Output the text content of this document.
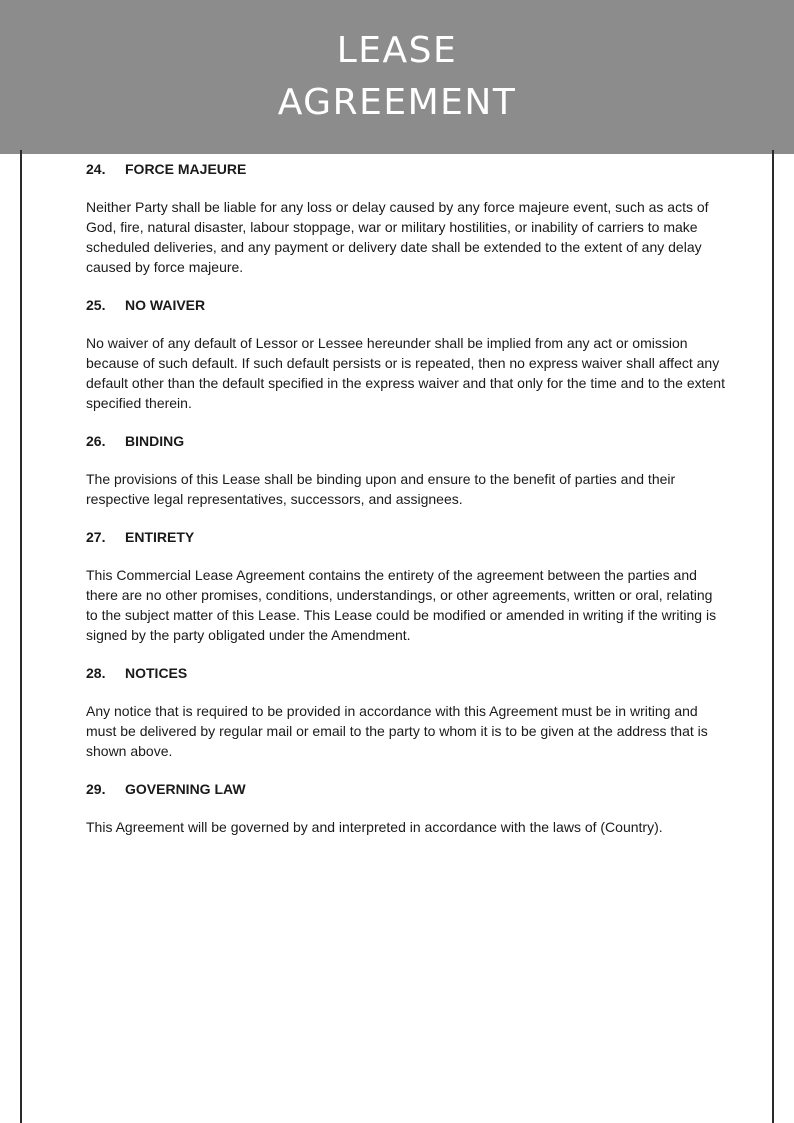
LEASE
AGREEMENT
24.	FORCE MAJEURE

Neither Party shall be liable for any loss or delay caused by any force majeure event, such as acts of God, fire, natural disaster, labour stoppage, war or military hostilities, or inability of carriers to make scheduled deliveries, and any payment or delivery date shall be extended to the extent of any delay caused by force majeure.

25.	NO WAIVER

No waiver of any default of Lessor or Lessee hereunder shall be implied from any act or omission because of such default. If such default persists or is repeated, then no express waiver shall affect any default other than the default specified in the express waiver and that only for the time and to the extent specified therein.

26.	BINDING

The provisions of this Lease shall be binding upon and ensure to the benefit of parties and their respective legal representatives, successors, and assignees.

27.	ENTIRETY

This Commercial Lease Agreement contains the entirety of the agreement between the parties and there are no other promises, conditions, understandings, or other agreements, written or oral, relating to the subject matter of this Lease. This Lease could be modified or amended in writing if the writing is signed by the party obligated under the Amendment.

28.	NOTICES

Any notice that is required to be provided in accordance with this Agreement must be in writing and must be delivered by regular mail or email to the party to whom it is to be given at the address that is shown above.

29.	GOVERNING LAW

This Agreement will be governed by and interpreted in accordance with the laws of (Country).
